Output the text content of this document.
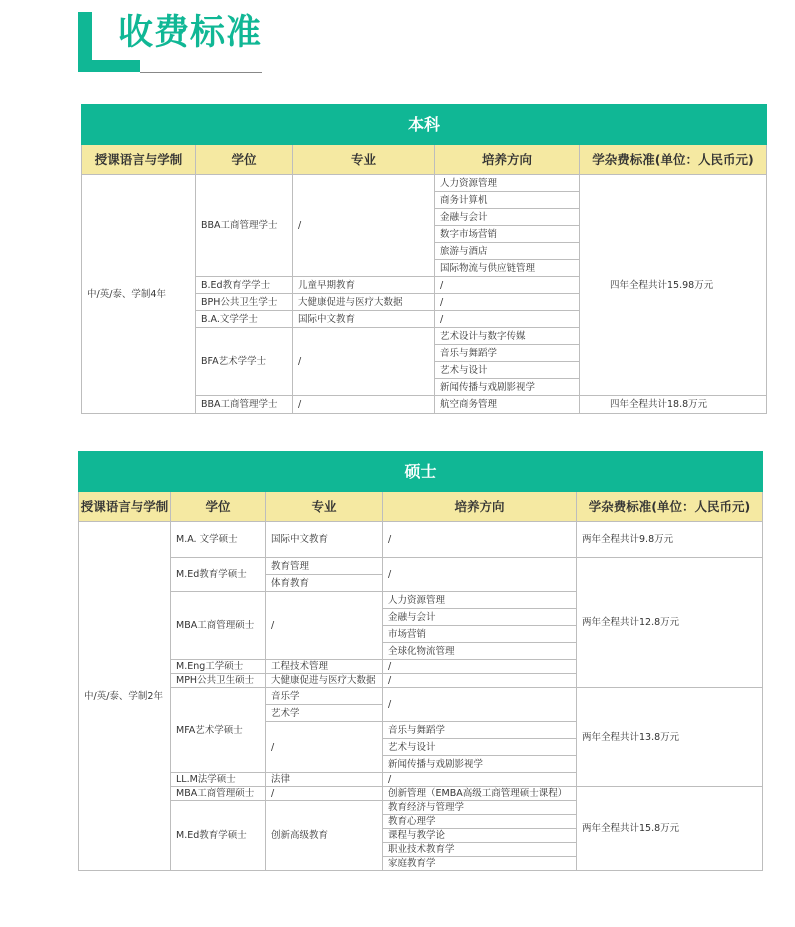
收费标准
本科				
授课语言与学制	学位	专业	培养方向	学杂费标准(单位：人民币元)
中/英/泰、学制4年	BBA工商管理学士	/	人力资源管理	四年全程共计15.98万元
			商务计算机	
			金融与会计	
			数字市场营销	
			旅游与酒店	
			国际物流与供应链管理	
	B.Ed教育学学士	儿童早期教育	/	
	BPH公共卫生学士	大健康促进与医疗大数据	/	
	B.A.文学学士	国际中文教育	/	
	BFA艺术学学士	/	艺术设计与数字传媒	
			音乐与舞蹈学	
			艺术与设计	
			新闻传播与戏剧影视学	
	BBA工商管理学士	/	航空商务管理	四年全程共计18.8万元
硕士				
授课语言与学制	学位	专业	培养方向	学杂费标准(单位：人民币元)
中/英/泰、学制2年	M.A. 文学硕士	国际中文教育	/	两年全程共计9.8万元
	M.Ed教育学硕士	教育管理	/	两年全程共计12.8万元
		体育教育		
	MBA工商管理硕士	/	人力资源管理	
			金融与会计	
			市场营销	
			全球化物流管理	
	M.Eng工学硕士	工程技术管理	/	
	MPH公共卫生硕士	大健康促进与医疗大数据	/	
	MFA艺术学硕士	音乐学	/	两年全程共计13.8万元
		艺术学		
		/	音乐与舞蹈学	
			艺术与设计	
			新闻传播与戏剧影视学	
	LL.M法学硕士	法律	/	
	MBA工商管理硕士	/	创新管理（EMBA高级工商管理硕士课程）	两年全程共计15.8万元
	M.Ed教育学硕士	创新高级教育	教育经济与管理学	
			教育心理学	
			课程与教学论	
			职业技术教育学	
			家庭教育学	
